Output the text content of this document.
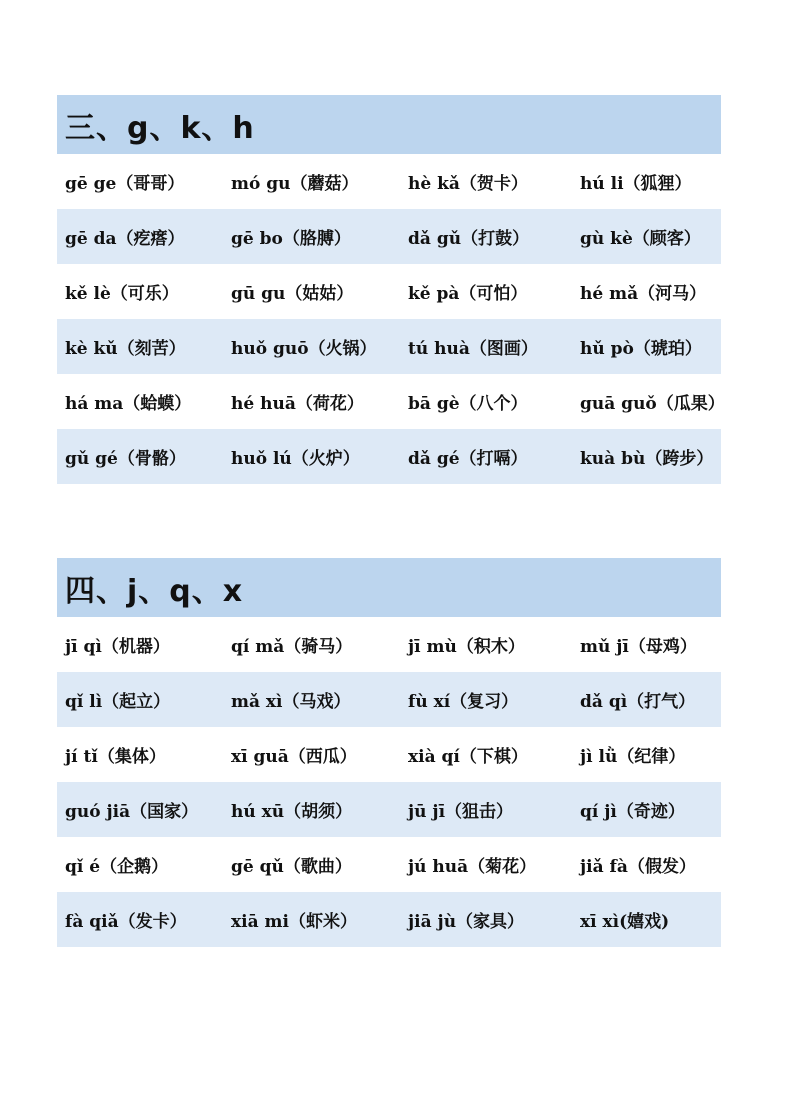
三、g、k、h
gē ge（哥哥）	mó gu（蘑菇）	hè kǎ（贺卡）	hú li（狐狸）
gē da（疙瘩）	gē bo（胳膊）	dǎ gǔ（打鼓）	gù kè（顾客）
kě lè（可乐）	gū gu（姑姑）	kě pà（可怕）	hé mǎ（河马）
kè kǔ（刻苦）	huǒ guō（火锅）	tú huà（图画）	hǔ pò（琥珀）
há ma（蛤蟆）	hé huā（荷花）	bā gè（八个）	guā guǒ（瓜果）
gǔ gé（骨骼）	huǒ lú（火炉）	dǎ gé（打嗝）	kuà bù（跨步）
四、j、q、x
jī qì（机器）	qí mǎ（骑马）	jī mù（积木）	mǔ jī（母鸡）
qǐ lì（起立）	mǎ xì（马戏）	fù xí（复习）	dǎ qì（打气）
jí tǐ（集体）	xī guā（西瓜）	xià qí（下棋）	jì lǜ（纪律）
guó jiā（国家）	hú xū（胡须）	jū jī（狙击）	qí jì（奇迹）
qǐ é（企鹅）	gē qǔ（歌曲）	jú huā（菊花）	jiǎ fà（假发）
fà qiǎ（发卡）	xiā mi（虾米）	jiā jù（家具）	xī xì(嬉戏)
